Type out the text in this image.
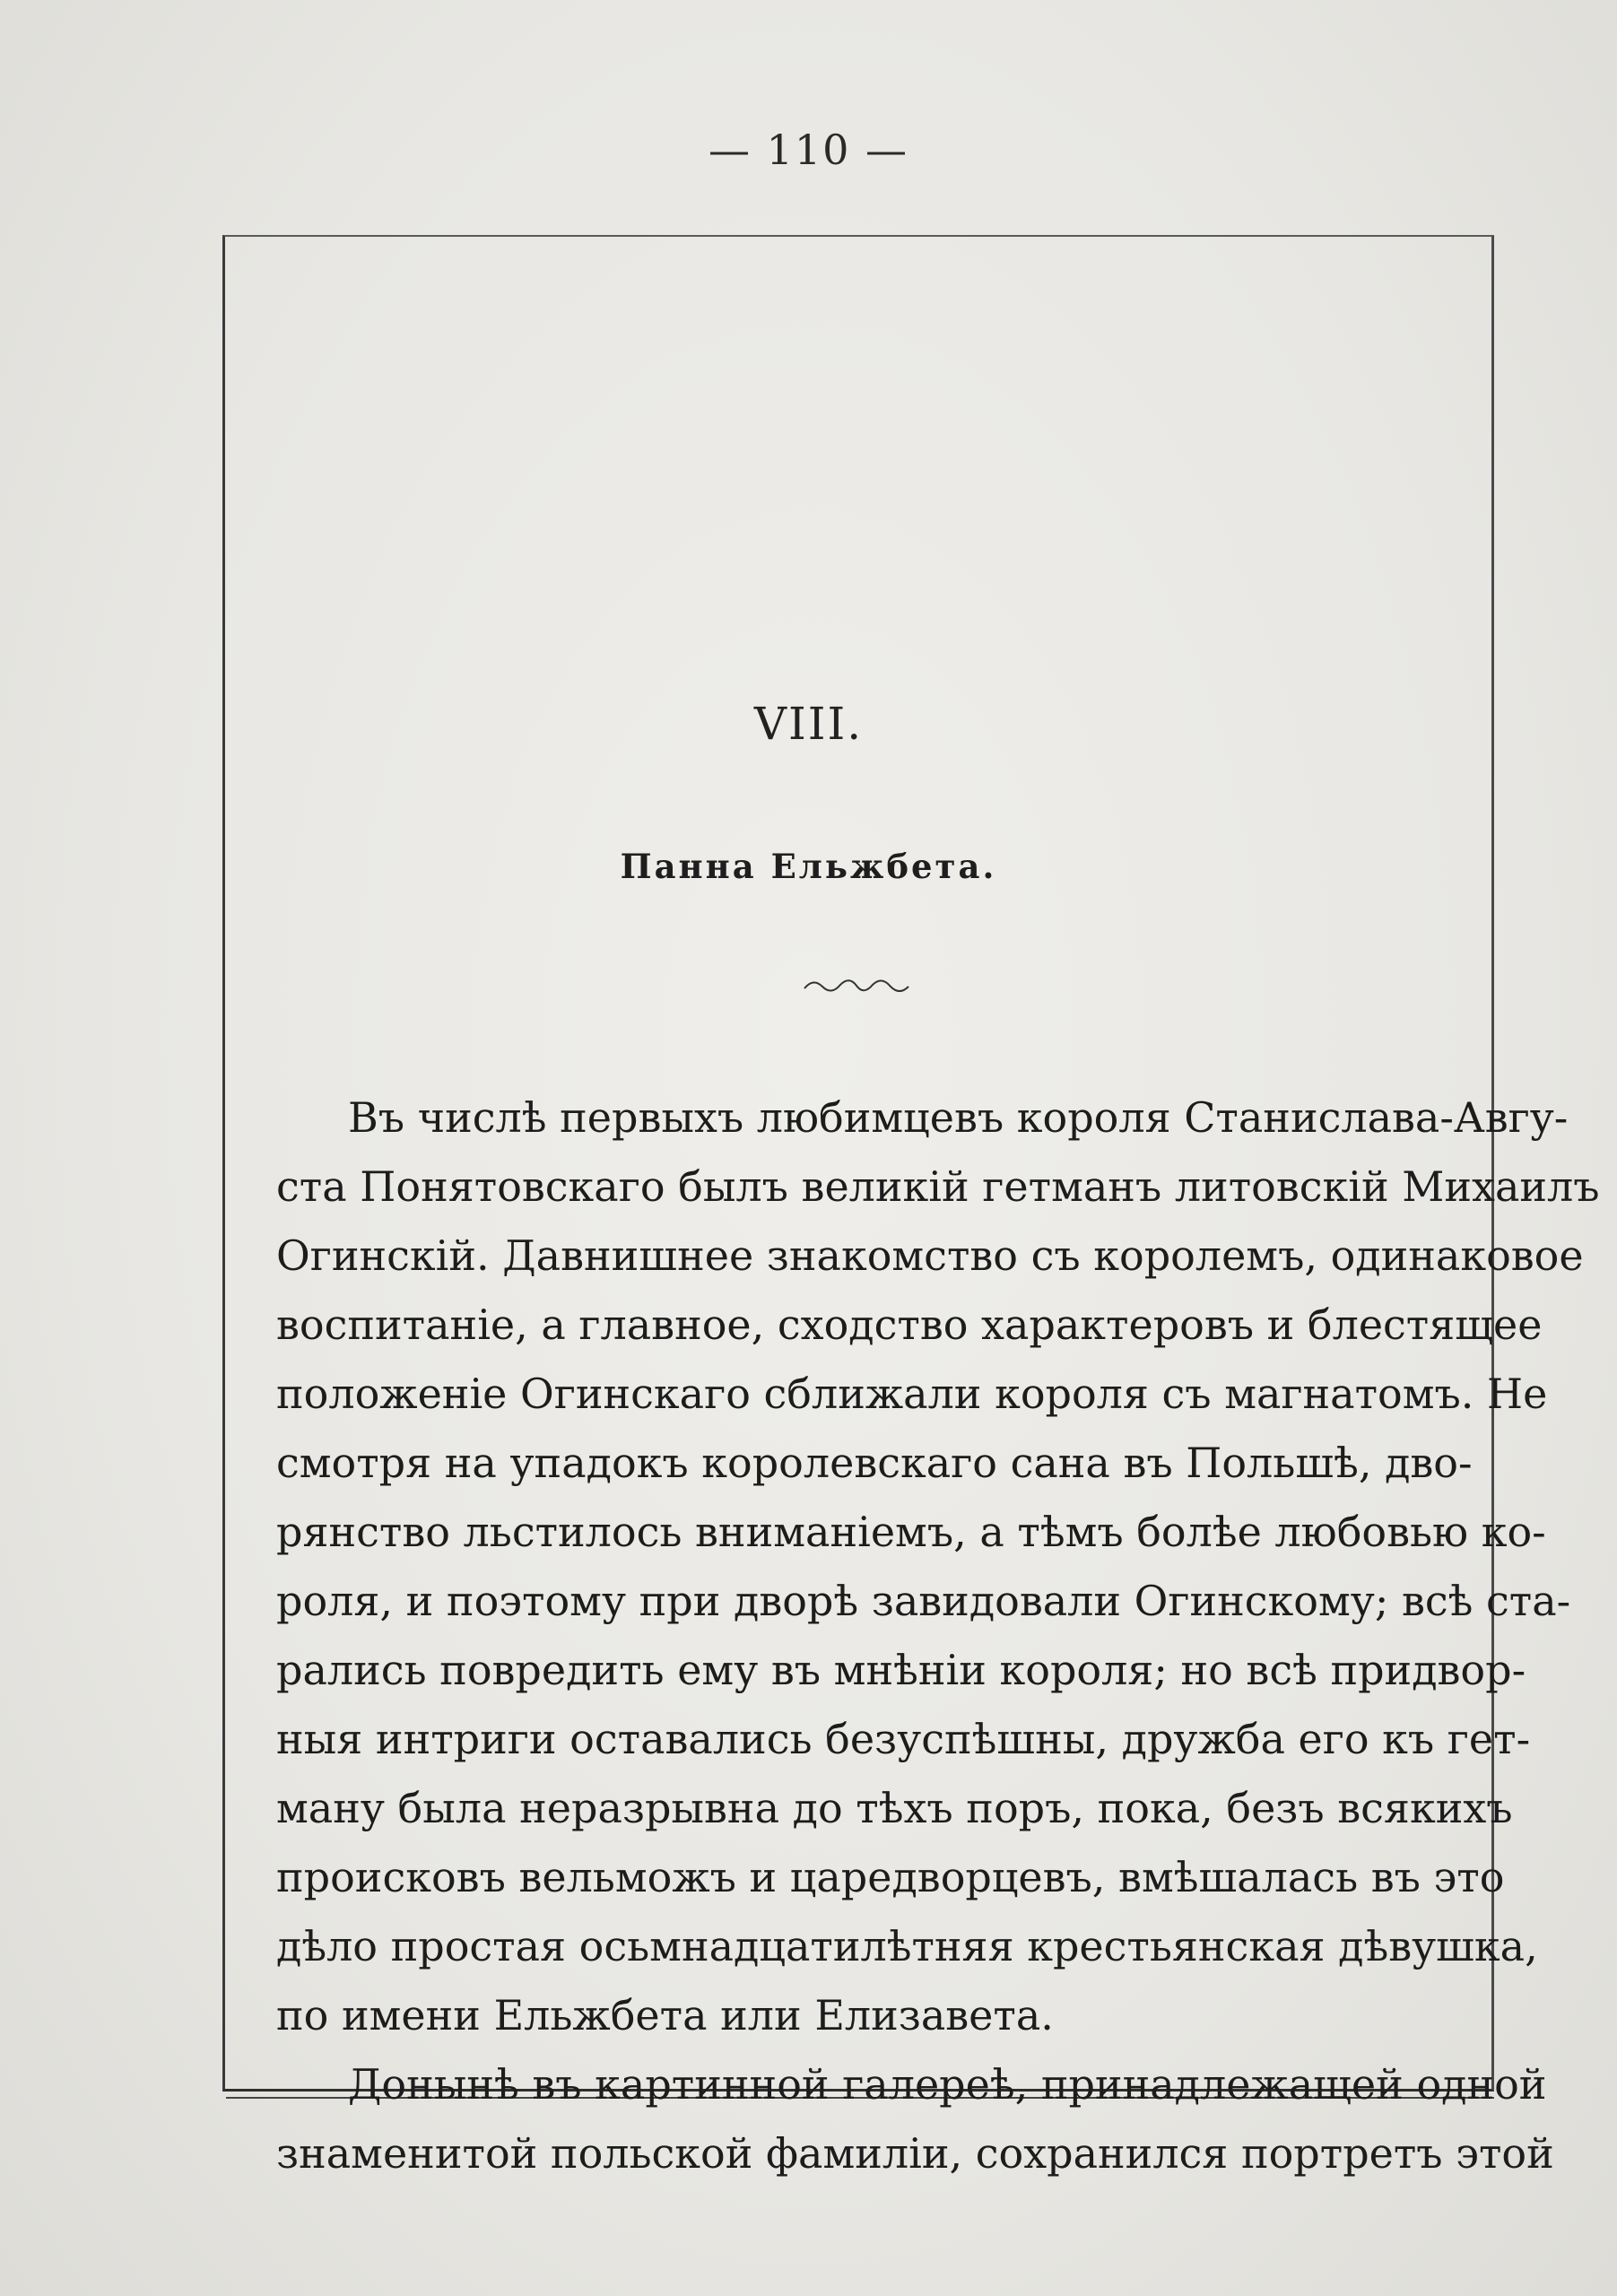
— 110 —
VIII.
Панна Ельжбета.
Въ числѣ первыхъ любимцевъ короля Станислава-Авгу-
ста Понятовскаго былъ великій гетманъ литовскій Михаилъ
Огинскій. Давнишнее знакомство съ королемъ, одинаковое
воспитаніе, а главное, сходство характеровъ и блестящее
положеніе Огинскаго сближали короля съ магнатомъ. Не
смотря на упадокъ королевскаго сана въ Польшѣ, дво-
рянство льстилось вниманіемъ, а тѣмъ болѣе любовью ко-
роля, и поэтому при дворѣ завидовали Огинскому; всѣ ста-
рались повредить ему въ мнѣніи короля; но всѣ придвор-
ныя интриги оставались безуспѣшны, дружба его къ гет-
ману была неразрывна до тѣхъ поръ, пока, безъ всякихъ
происковъ вельможъ и царедворцевъ, вмѣшалась въ это
дѣло простая осьмнадцатилѣтняя крестьянская дѣвушка,
по имени Ельжбета или Елизавета.
Донынѣ въ картинной галереѣ, принадлежащей одной
знаменитой польской фамиліи, сохранился портретъ этой
